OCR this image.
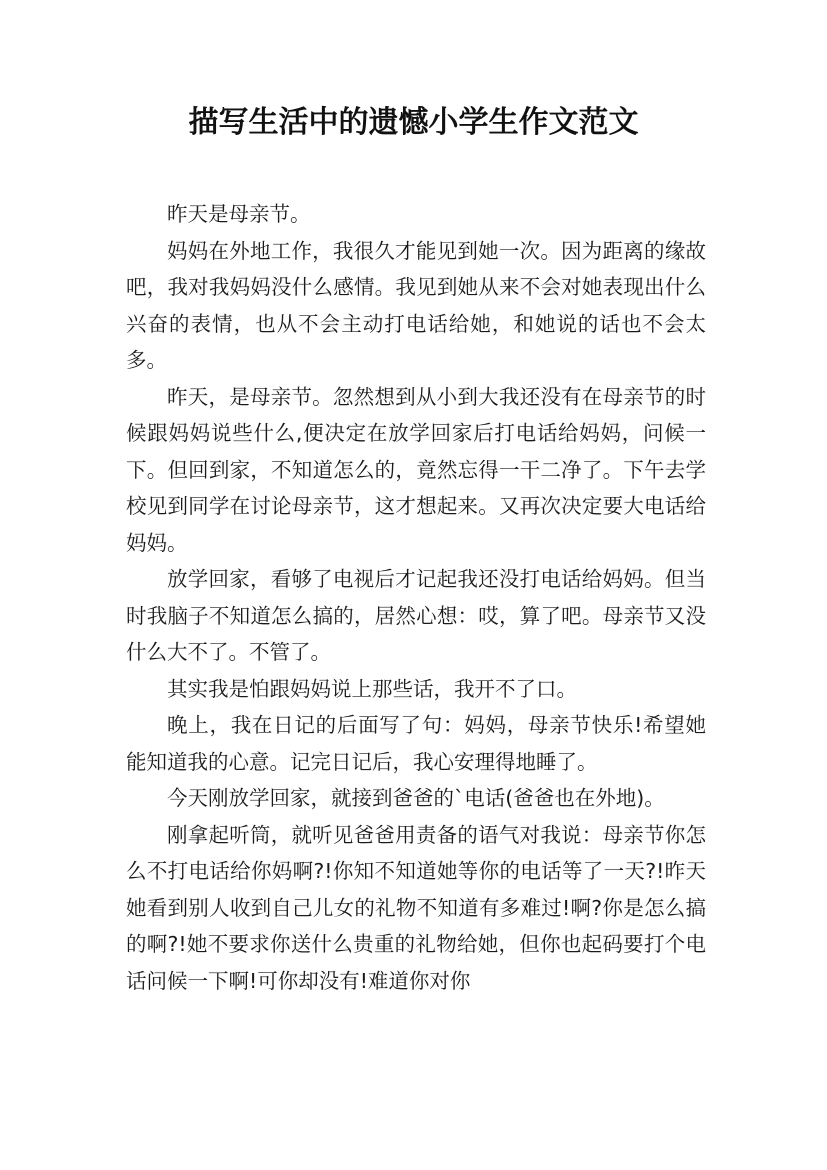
描写生活中的遗憾小学生作文范文

昨天是母亲节。

妈妈在外地工作，我很久才能见到她一次。因为距离的缘故吧，我对我妈妈没什么感情。我见到她从来不会对她表现出什么兴奋的表情，也从不会主动打电话给她，和她说的话也不会太多。

昨天，是母亲节。忽然想到从小到大我还没有在母亲节的时候跟妈妈说些什么,便决定在放学回家后打电话给妈妈，问候一下。但回到家，不知道怎么的，竟然忘得一干二净了。下午去学校见到同学在讨论母亲节，这才想起来。又再次决定要大电话给妈妈。

放学回家，看够了电视后才记起我还没打电话给妈妈。但当时我脑子不知道怎么搞的，居然心想：哎，算了吧。母亲节又没什么大不了。不管了。

其实我是怕跟妈妈说上那些话，我开不了口。

晚上，我在日记的后面写了句：妈妈，母亲节快乐!希望她能知道我的心意。记完日记后，我心安理得地睡了。

今天刚放学回家，就接到爸爸的`电话(爸爸也在外地)。

刚拿起听筒，就听见爸爸用责备的语气对我说：母亲节你怎么不打电话给你妈啊?!你知不知道她等你的电话等了一天?!昨天她看到别人收到自己儿女的礼物不知道有多难过!啊?你是怎么搞的啊?!她不要求你送什么贵重的礼物给她，但你也起码要打个电话问候一下啊!可你却没有!难道你对你
